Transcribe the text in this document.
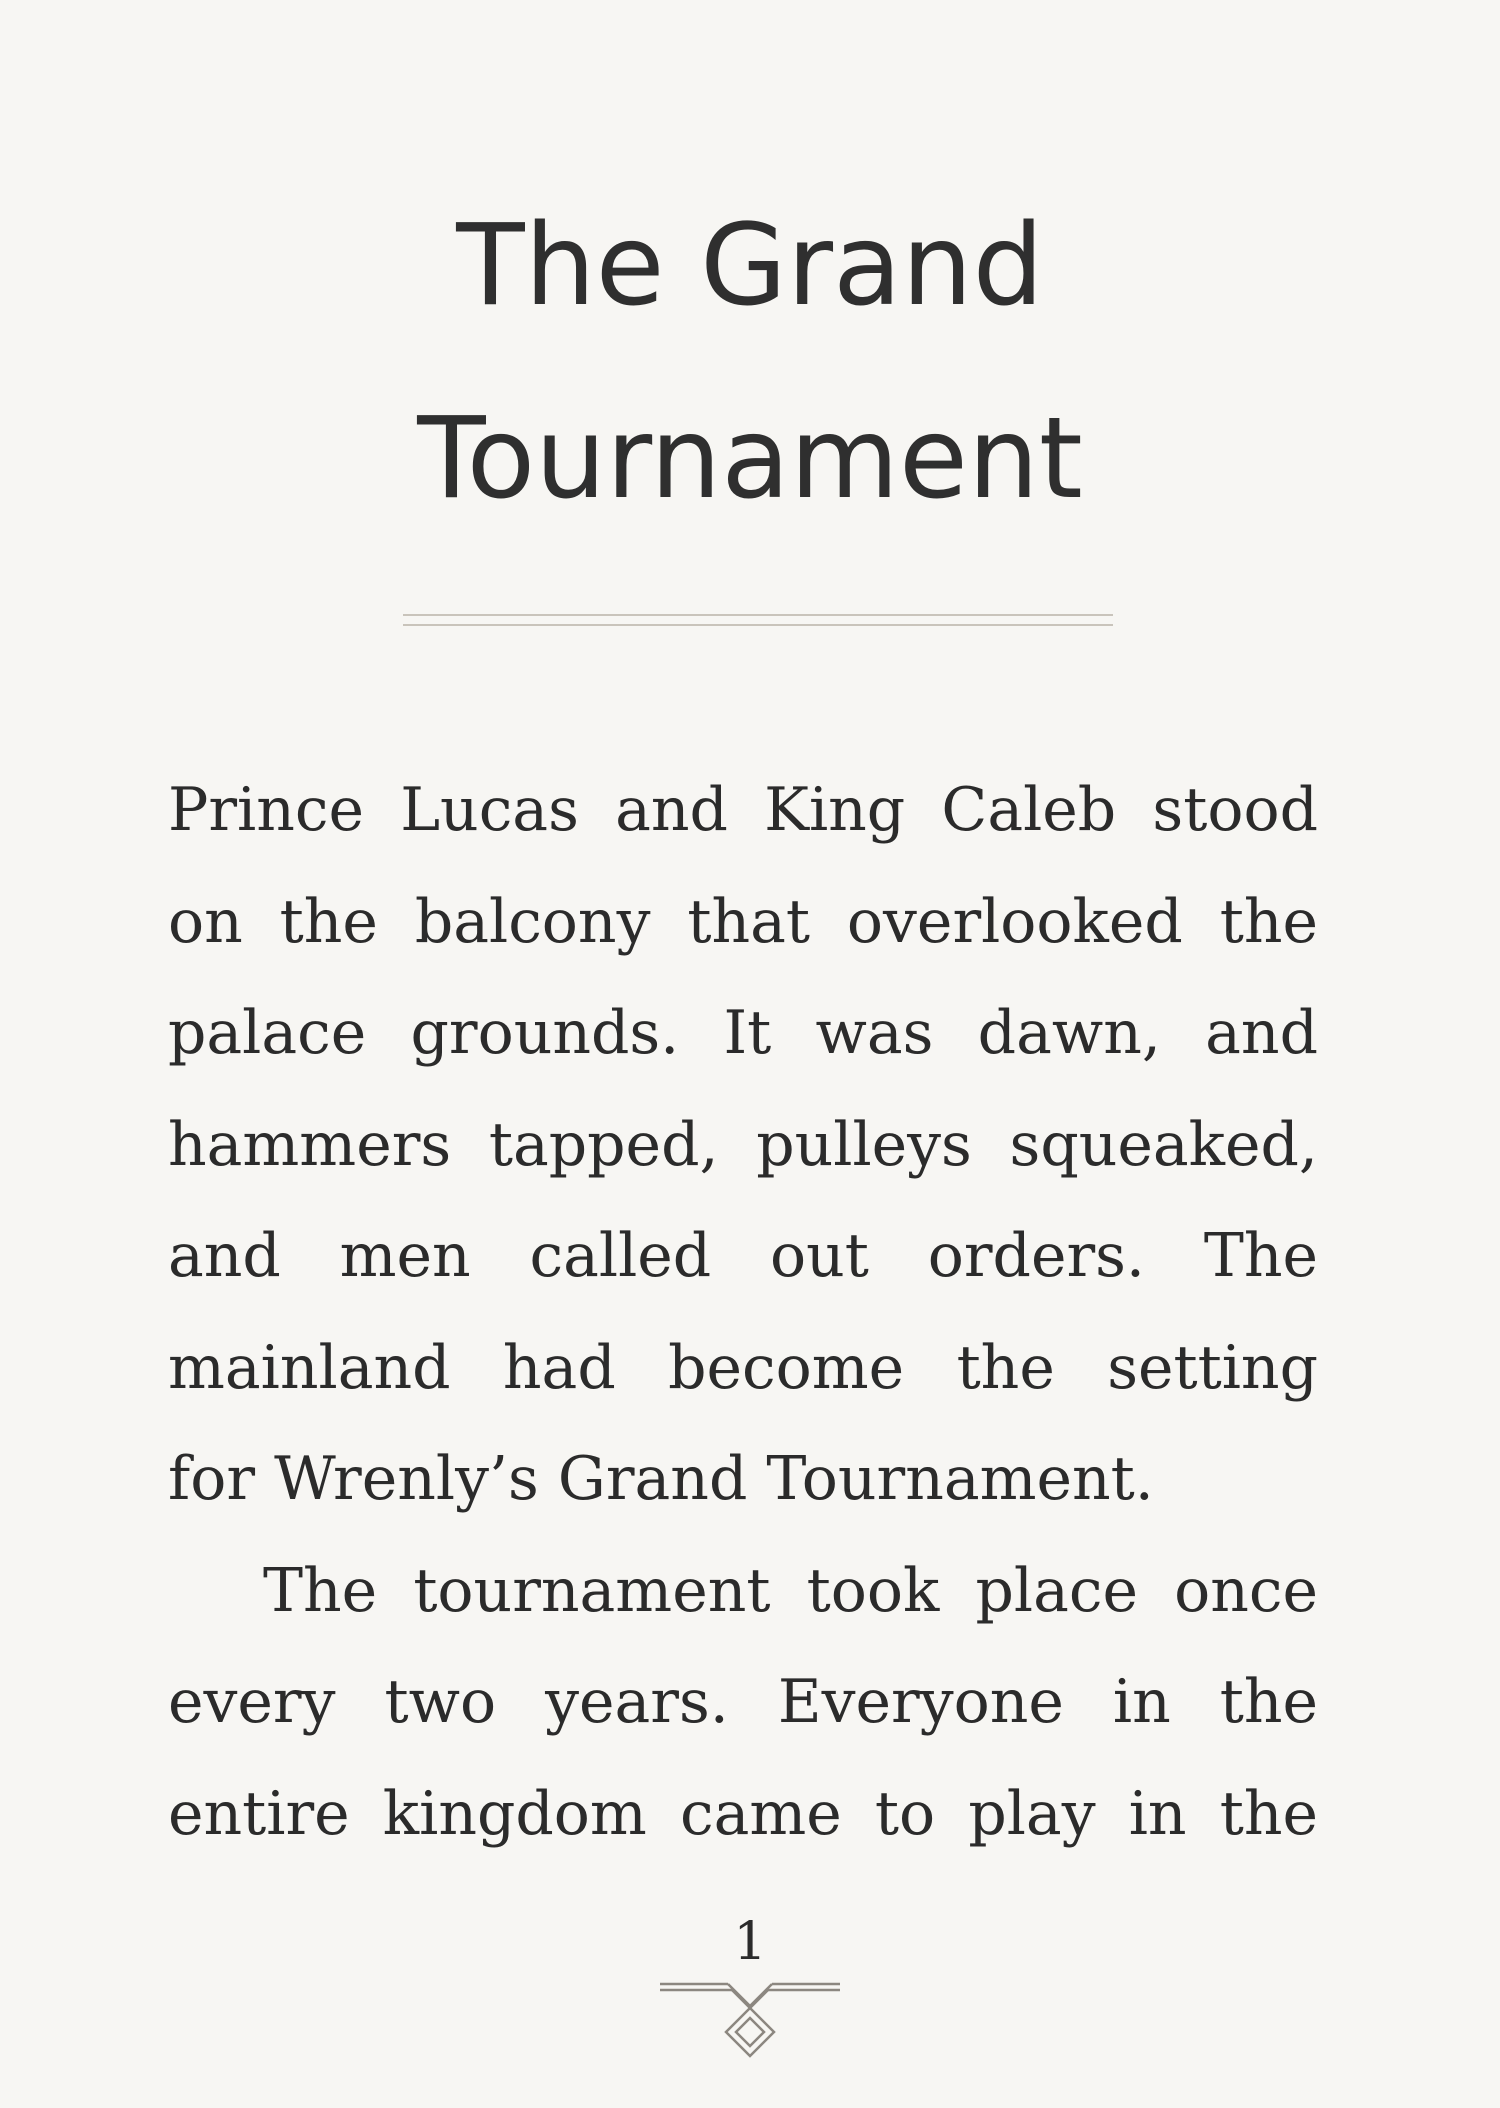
The Grand
Tournament

Prince Lucas and King Caleb stood

on the balcony that overlooked the

palace grounds. It was dawn, and

hammers tapped, pulleys squeaked,

and men called out orders. The

mainland had become the setting

for Wrenly’s Grand Tournament.

The tournament took place once

every two years. Everyone in the

entire kingdom came to play in the

1
